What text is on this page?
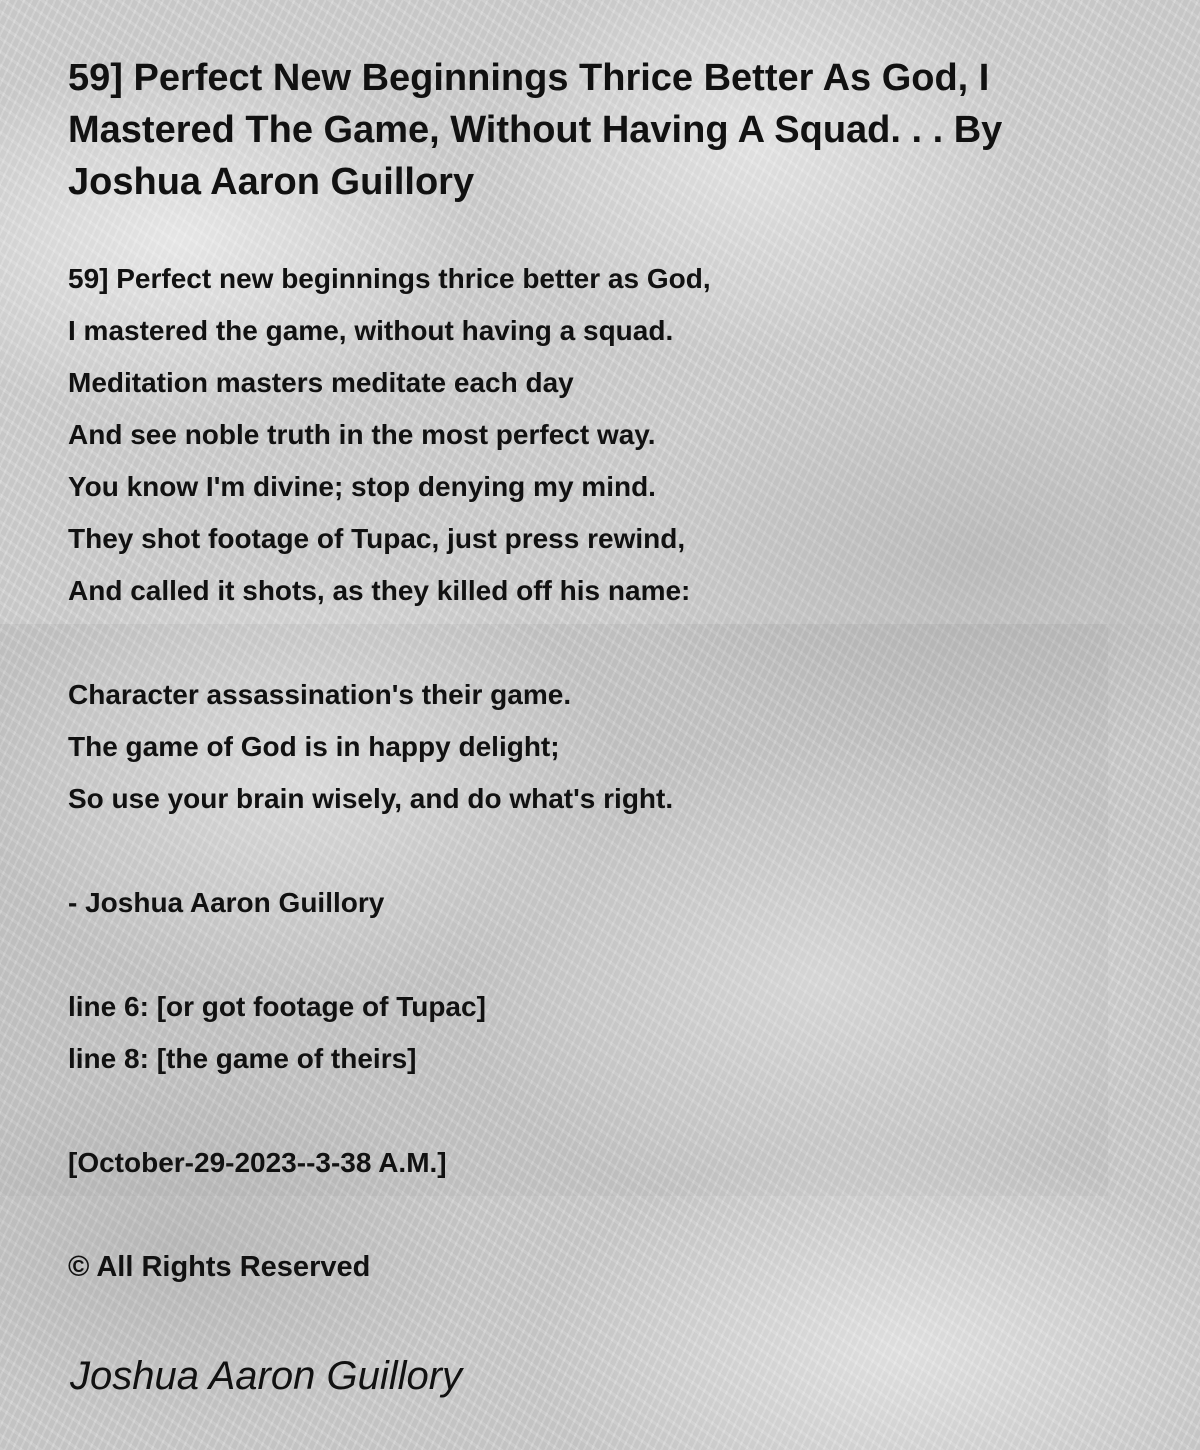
59] Perfect New Beginnings Thrice Better As God, I Mastered The Game, Without Having A Squad. . . By Joshua Aaron Guillory
59] Perfect new beginnings thrice better as God,
I mastered the game, without having a squad.
Meditation masters meditate each day
And see noble truth in the most perfect way.
You know I'm divine; stop denying my mind.
They shot footage of Tupac, just press rewind,
And called it shots, as they killed off his name:
Character assassination's their game.
The game of God is in happy delight;
So use your brain wisely, and do what's right.
- Joshua Aaron Guillory
line 6: [or got footage of Tupac]
line 8: [the game of theirs]
[October-29-2023--3-38 A.M.]
© All Rights Reserved
Joshua Aaron Guillory
